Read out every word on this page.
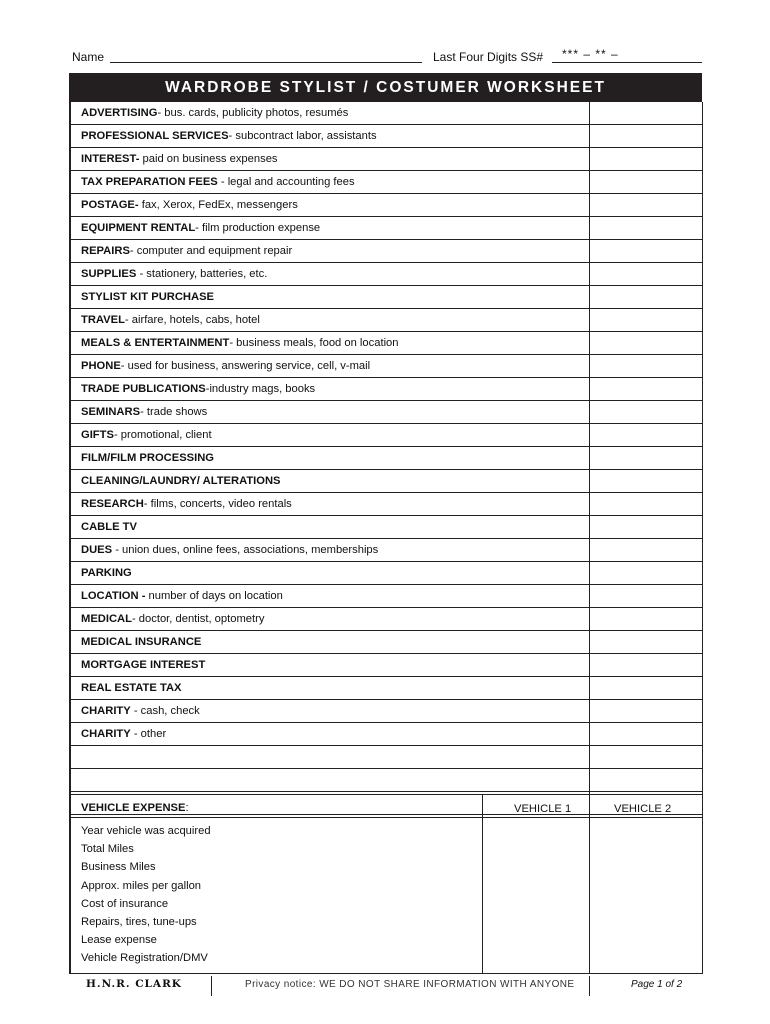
Name	Last Four Digits SS# *** – ** –
WARDROBE STYLIST / COSTUMER WORKSHEET
ADVERTISING- bus. cards, publicity photos, resumés
PROFESSIONAL SERVICES- subcontract labor, assistants
INTEREST- paid on business expenses
TAX PREPARATION FEES - legal and accounting fees
POSTAGE- fax, Xerox, FedEx, messengers
EQUIPMENT RENTAL- film production expense
REPAIRS- computer and equipment repair
SUPPLIES - stationery, batteries, etc.
STYLIST KIT PURCHASE
TRAVEL- airfare, hotels, cabs, hotel
MEALS & ENTERTAINMENT- business meals, food on location
PHONE- used for business, answering service, cell, v-mail
TRADE PUBLICATIONS-industry mags, books
SEMINARS- trade shows
GIFTS- promotional, client
FILM/FILM PROCESSING
CLEANING/LAUNDRY/ ALTERATIONS
RESEARCH- films, concerts, video rentals
CABLE TV
DUES - union dues, online fees, associations, memberships
PARKING
LOCATION - number of days on location
MEDICAL- doctor, dentist, optometry
MEDICAL INSURANCE
MORTGAGE INTEREST
REAL ESTATE TAX
CHARITY - cash, check
CHARITY - other
VEHICLE EXPENSE:	VEHICLE 1	VEHICLE 2
Year vehicle was acquired
Total Miles
Business Miles
Approx. miles per gallon
Cost of insurance
Repairs, tires, tune-ups
Lease expense
Vehicle Registration/DMV
H.N.R. CLARK	Privacy notice: WE DO NOT SHARE INFORMATION WITH ANYONE	Page 1 of 2
